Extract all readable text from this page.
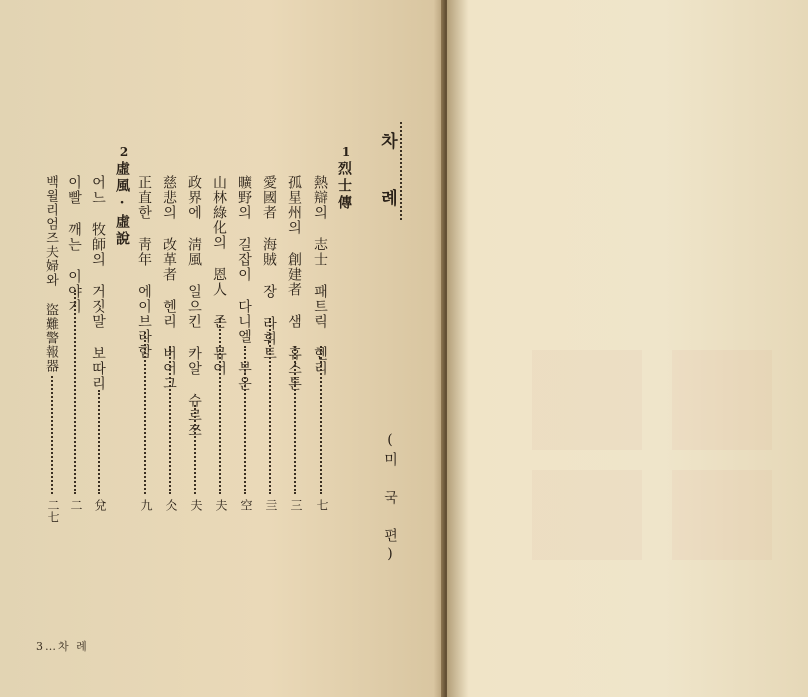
차 례
(미 국 편)
1
烈士傳
熱辯의 志士 패트릭 헨리
七
孤星州의 創建者 샘 휴스톤
三
愛國者 海賊 장 라휘트
亖
曠野의 길잡이 다니엘 부운
空
山林綠化의 恩人 존 뮤어
夫
政界에 淸風 일으킨 카알 슈르쯔
夫
慈悲의 改革者 헨리 버어그
仌
正直한 靑年 에이브라함
九
2
虛風·虛說
어느 牧師의 거짓말 보따리
兌
이빨 깨는 이야기
二
백윌리엄즈夫婦와 盜難警報器
二七
3…차 례
